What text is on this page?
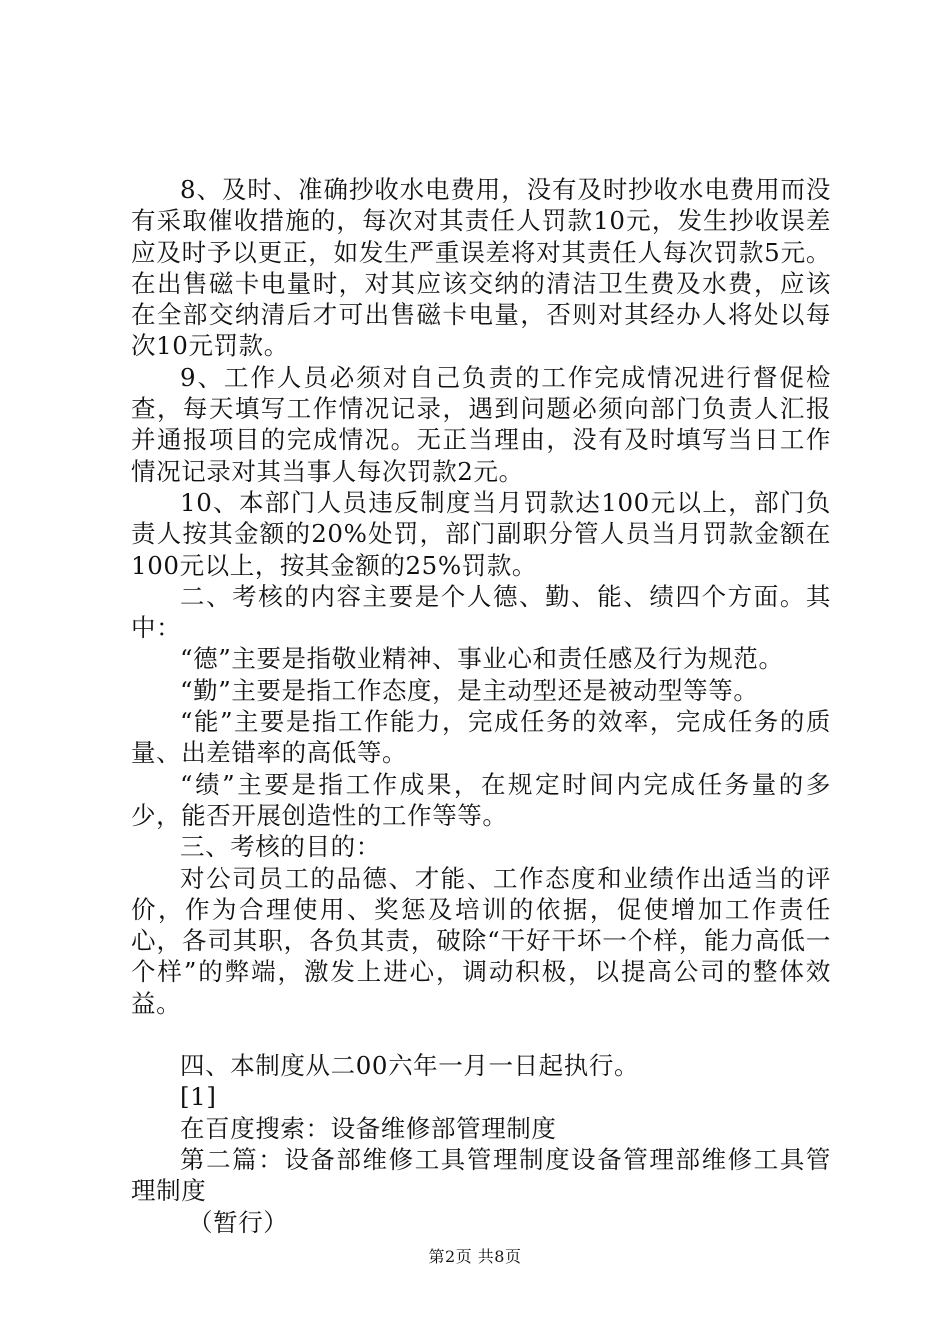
8、及时、准确抄收水电费用，没有及时抄收水电费用而没有采取催收措施的，每次对其责任人罚款10元，发生抄收误差应及时予以更正，如发生严重误差将对其责任人每次罚款5元。在出售磁卡电量时，对其应该交纳的清洁卫生费及水费，应该在全部交纳清后才可出售磁卡电量，否则对其经办人将处以每次10元罚款。

9、工作人员必须对自己负责的工作完成情况进行督促检查，每天填写工作情况记录，遇到问题必须向部门负责人汇报并通报项目的完成情况。无正当理由，没有及时填写当日工作情况记录对其当事人每次罚款2元。

10、本部门人员违反制度当月罚款达100元以上，部门负责人按其金额的20%处罚，部门副职分管人员当月罚款金额在100元以上，按其金额的25%罚款。

二、考核的内容主要是个人德、勤、能、绩四个方面。其中：

“德”主要是指敬业精神、事业心和责任感及行为规范。

“勤”主要是指工作态度，是主动型还是被动型等等。

“能”主要是指工作能力，完成任务的效率，完成任务的质量、出差错率的高低等。

“绩”主要是指工作成果，在规定时间内完成任务量的多少，能否开展创造性的工作等等。

三、考核的目的：

对公司员工的品德、才能、工作态度和业绩作出适当的评价，作为合理使用、奖惩及培训的依据，促使增加工作责任心，各司其职，各负其责，破除“干好干坏一个样，能力高低一个样”的弊端，激发上进心，调动积极，以提高公司的整体效益。

四、本制度从二00六年一月一日起执行。

[1]

在百度搜索：设备维修部管理制度

第二篇：设备部维修工具管理制度设备管理部维修工具管理制度

（暂行）

第2页 共8页
